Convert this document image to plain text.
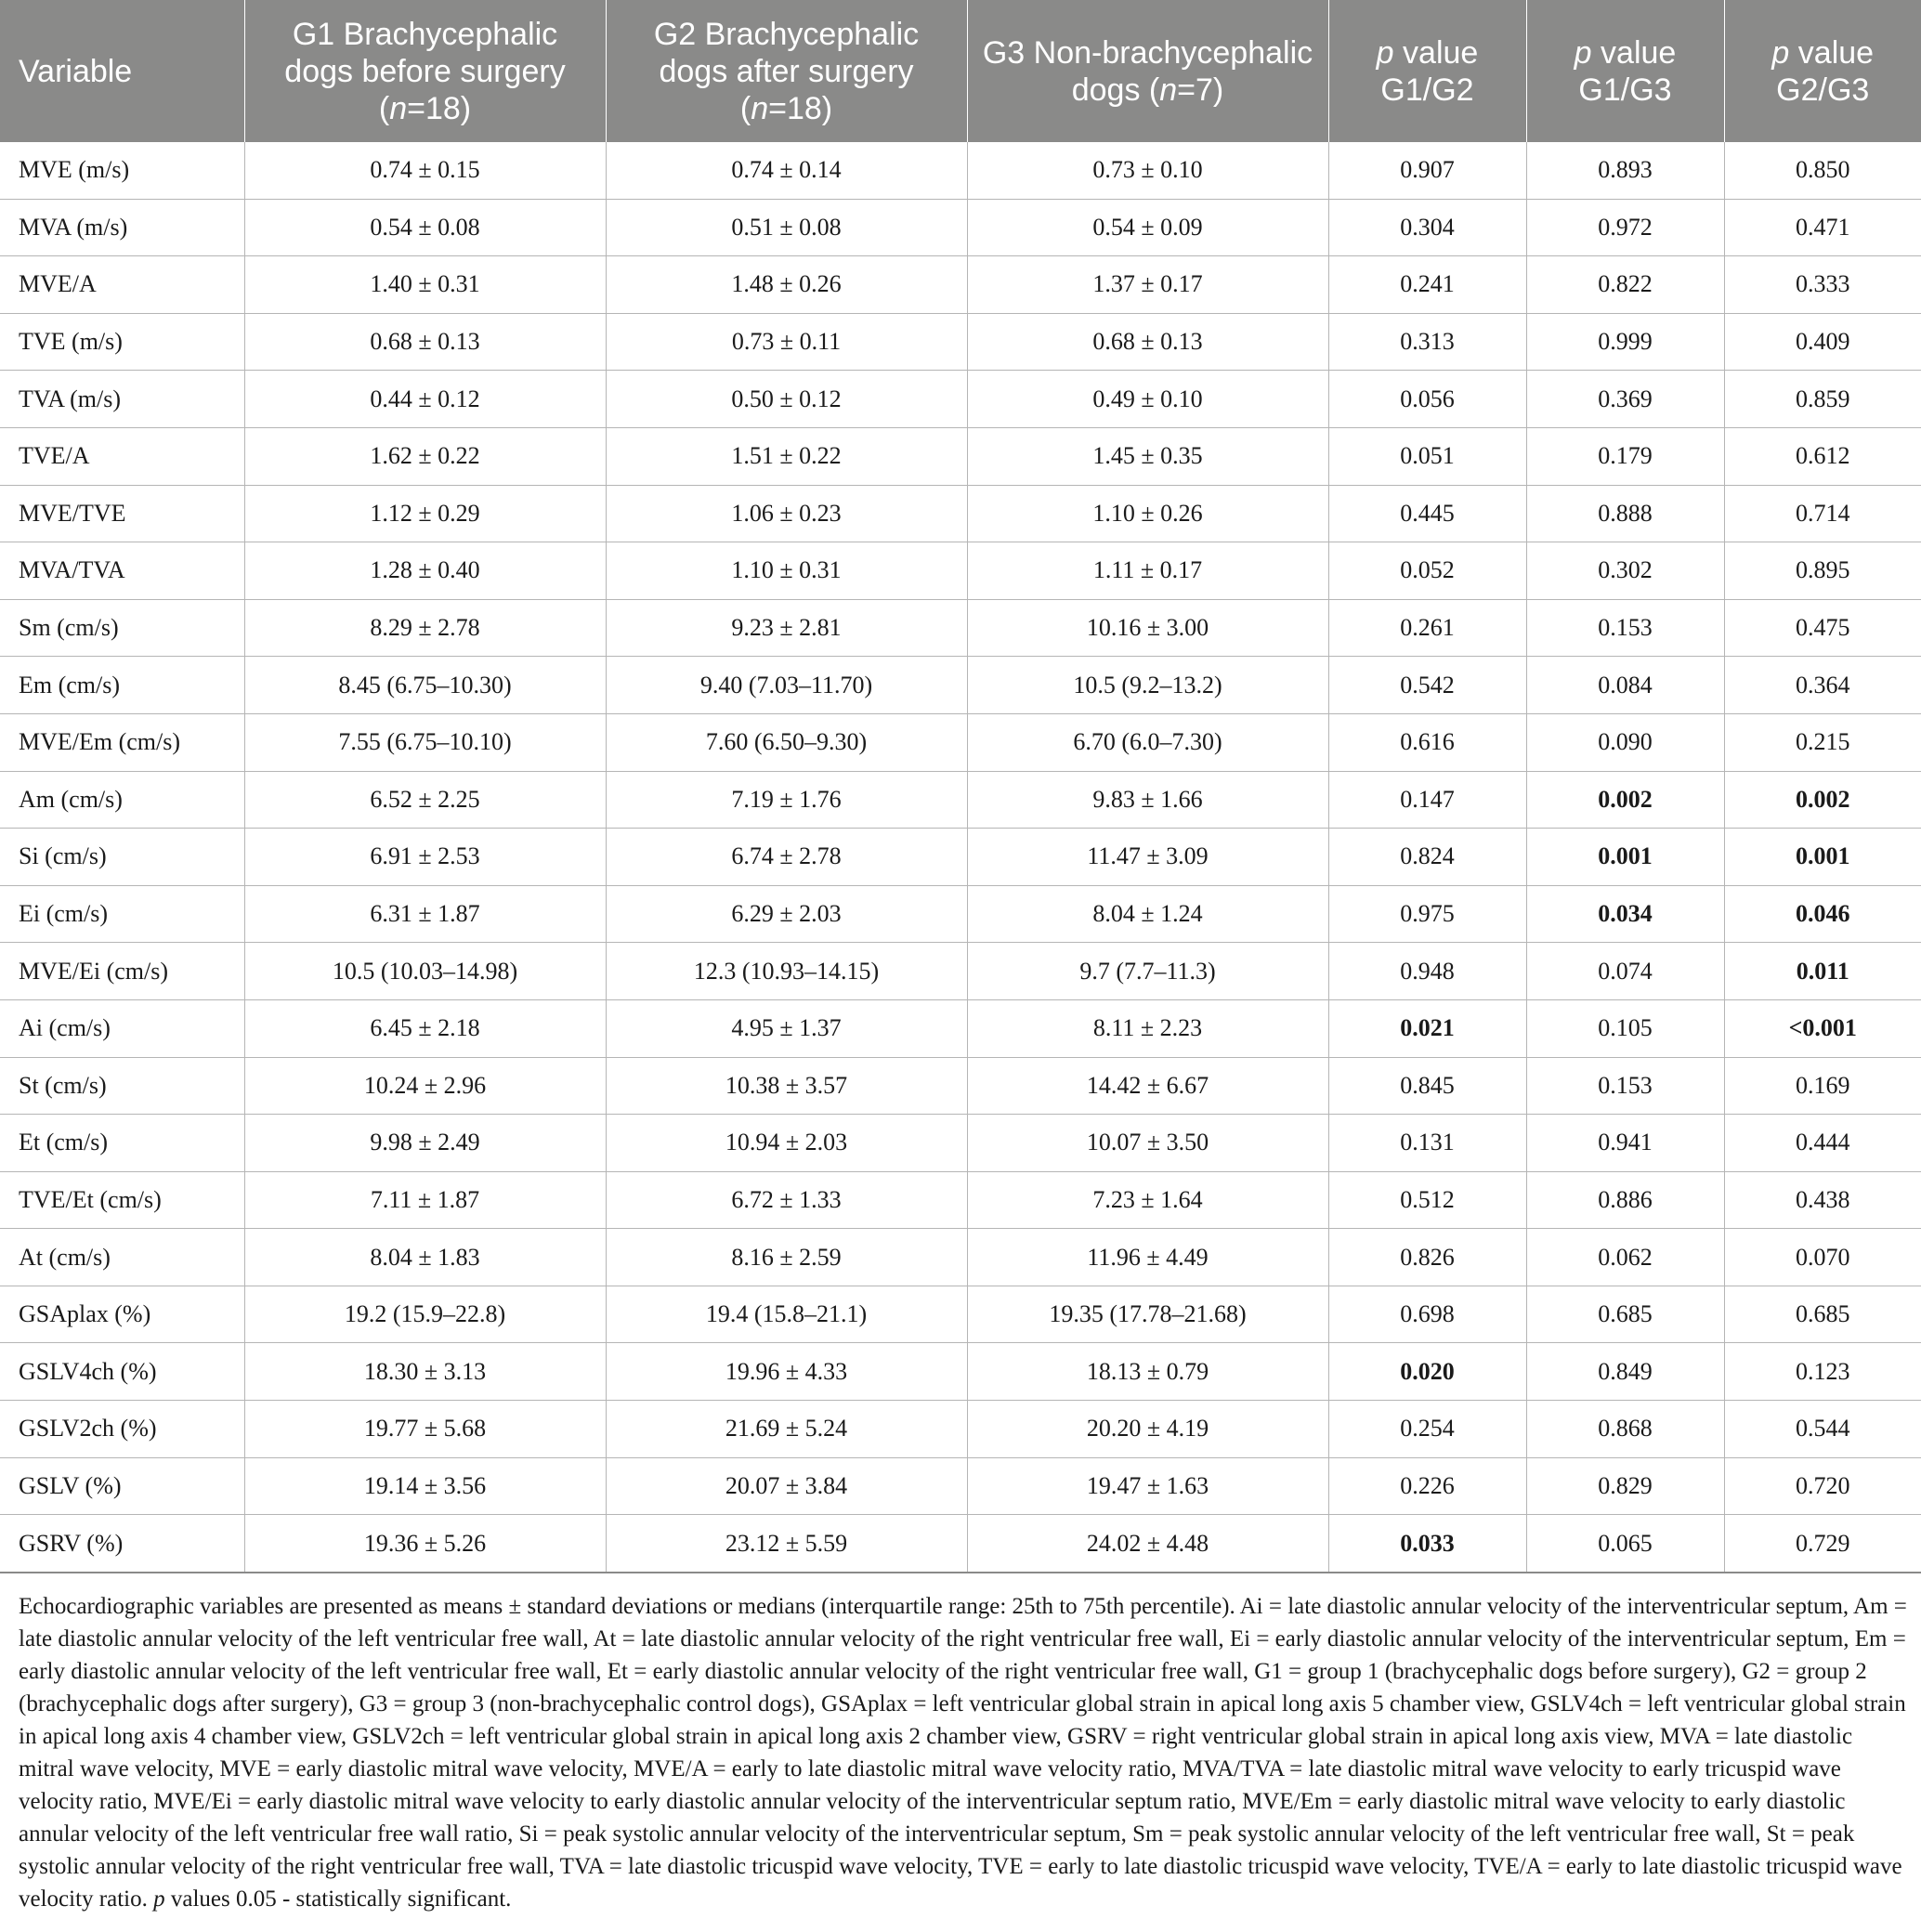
Variable	G1 Brachycephalic dogs before surgery (n=18)	G2 Brachycephalic dogs after surgery (n=18)	G3 Non-brachycephalic dogs (n=7)	p value G1/G2	p value G1/G3	p value G2/G3
MVE (m/s)	0.74 ± 0.15	0.74 ± 0.14	0.73 ± 0.10	0.907	0.893	0.850
MVA (m/s)	0.54 ± 0.08	0.51 ± 0.08	0.54 ± 0.09	0.304	0.972	0.471
MVE/A	1.40 ± 0.31	1.48 ± 0.26	1.37 ± 0.17	0.241	0.822	0.333
TVE (m/s)	0.68 ± 0.13	0.73 ± 0.11	0.68 ± 0.13	0.313	0.999	0.409
TVA (m/s)	0.44 ± 0.12	0.50 ± 0.12	0.49 ± 0.10	0.056	0.369	0.859
TVE/A	1.62 ± 0.22	1.51 ± 0.22	1.45 ± 0.35	0.051	0.179	0.612
MVE/TVE	1.12 ± 0.29	1.06 ± 0.23	1.10 ± 0.26	0.445	0.888	0.714
MVA/TVA	1.28 ± 0.40	1.10 ± 0.31	1.11 ± 0.17	0.052	0.302	0.895
Sm (cm/s)	8.29 ± 2.78	9.23 ± 2.81	10.16 ± 3.00	0.261	0.153	0.475
Em (cm/s)	8.45 (6.75–10.30)	9.40 (7.03–11.70)	10.5 (9.2–13.2)	0.542	0.084	0.364
MVE/Em (cm/s)	7.55 (6.75–10.10)	7.60 (6.50–9.30)	6.70 (6.0–7.30)	0.616	0.090	0.215
Am (cm/s)	6.52 ± 2.25	7.19 ± 1.76	9.83 ± 1.66	0.147	0.002	0.002
Si (cm/s)	6.91 ± 2.53	6.74 ± 2.78	11.47 ± 3.09	0.824	0.001	0.001
Ei (cm/s)	6.31 ± 1.87	6.29 ± 2.03	8.04 ± 1.24	0.975	0.034	0.046
MVE/Ei (cm/s)	10.5 (10.03–14.98)	12.3 (10.93–14.15)	9.7 (7.7–11.3)	0.948	0.074	0.011
Ai (cm/s)	6.45 ± 2.18	4.95 ± 1.37	8.11 ± 2.23	0.021	0.105	<0.001
St (cm/s)	10.24 ± 2.96	10.38 ± 3.57	14.42 ± 6.67	0.845	0.153	0.169
Et (cm/s)	9.98 ± 2.49	10.94 ± 2.03	10.07 ± 3.50	0.131	0.941	0.444
TVE/Et (cm/s)	7.11 ± 1.87	6.72 ± 1.33	7.23 ± 1.64	0.512	0.886	0.438
At (cm/s)	8.04 ± 1.83	8.16 ± 2.59	11.96 ± 4.49	0.826	0.062	0.070
GSAplax (%)	19.2 (15.9–22.8)	19.4 (15.8–21.1)	19.35 (17.78–21.68)	0.698	0.685	0.685
GSLV4ch (%)	18.30 ± 3.13	19.96 ± 4.33	18.13 ± 0.79	0.020	0.849	0.123
GSLV2ch (%)	19.77 ± 5.68	21.69 ± 5.24	20.20 ± 4.19	0.254	0.868	0.544
GSLV (%)	19.14 ± 3.56	20.07 ± 3.84	19.47 ± 1.63	0.226	0.829	0.720
GSRV (%)	19.36 ± 5.26	23.12 ± 5.59	24.02 ± 4.48	0.033	0.065	0.729
Echocardiographic variables are presented as means ± standard deviations or medians (interquartile range: 25th to 75th percentile). Ai = late diastolic annular velocity of the interventricular septum, Am = late diastolic annular velocity of the left ventricular free wall, At = late diastolic annular velocity of the right ventricular free wall, Ei = early diastolic annular velocity of the interventricular septum, Em = early diastolic annular velocity of the left ventricular free wall, Et = early diastolic annular velocity of the right ventricular free wall, G1 = group 1 (brachycephalic dogs before surgery), G2 = group 2 (brachycephalic dogs after surgery), G3 = group 3 (non-brachycephalic control dogs), GSAplax = left ventricular global strain in apical long axis 5 chamber view, GSLV4ch = left ventricular global strain in apical long axis 4 chamber view, GSLV2ch = left ventricular global strain in apical long axis 2 chamber view, GSRV = right ventricular global strain in apical long axis view, MVA = late diastolic mitral wave velocity, MVE = early diastolic mitral wave velocity, MVE/A = early to late diastolic mitral wave velocity ratio, MVA/TVA = late diastolic mitral wave velocity to early tricuspid wave velocity ratio, MVE/Ei = early diastolic mitral wave velocity to early diastolic annular velocity of the interventricular septum ratio, MVE/Em = early diastolic mitral wave velocity to early diastolic annular velocity of the left ventricular free wall ratio, Si = peak systolic annular velocity of the interventricular septum, Sm = peak systolic annular velocity of the left ventricular free wall, St = peak systolic annular velocity of the right ventricular free wall, TVA = late diastolic tricuspid wave velocity, TVE = early to late diastolic tricuspid wave velocity, TVE/A = early to late diastolic tricuspid wave velocity ratio. p values 0.05 - statistically significant.
